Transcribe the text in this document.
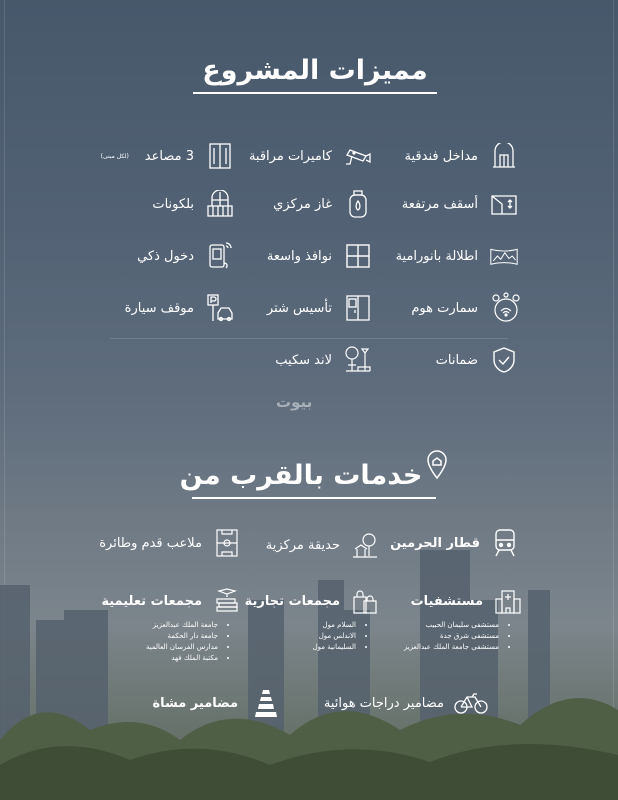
مميزات المشروع
مداخل فندقية
كاميرات مراقبة
3 مصاعد
(لكل مبنى)
أسقف مرتفعة
غاز مركزي
بلكونات
اطلالة بانورامية
نوافذ واسعة
دخول ذكي
سمارت هوم
تأسيس شتر
موقف سيارة
ضمانات
لاند سكيب
بيوت
خدمات بالقرب من
قطار الحرمين
حديقة مركزية
ملاعب قدم وطائرة
مستشفيات
• مستشفى سليمان الحبيب
• مستشفى شرق جدة
• مستشفى جامعة الملك عبدالعزيز
مجمعات تجارية
• السلام مول
• الاندلس مول
• السليمانية مول
مجمعات تعليمية
• جامعة الملك عبدالعزيز
• جامعة دار الحكمة
• مدارس الفرسان العالمية
• مكتبة الملك فهد
مضامير دراجات هوائية
مضامير مشاة
